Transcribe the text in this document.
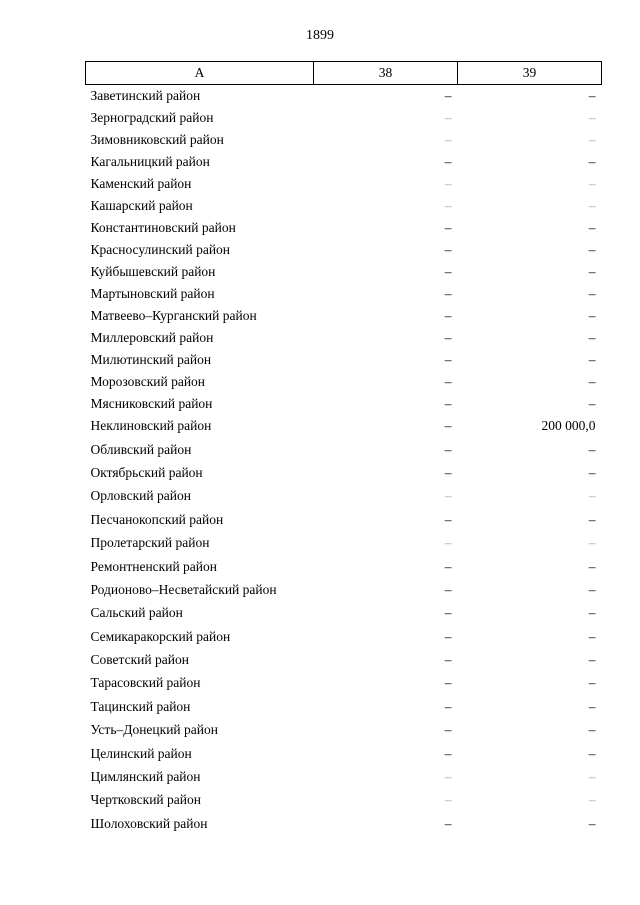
1899
А	38	39
Заветинский район	–	–
Зерноградский район	–	–
Зимовниковский район	–	–
Кагальницкий район	–	–
Каменский район	–	–
Кашарский район	–	–
Константиновский район	–	–
Красносулинский район	–	–
Куйбышевский район	–	–
Мартыновский район	–	–
Матвеево–Курганский район	–	–
Миллеровский район	–	–
Милютинский район	–	–
Морозовский район	–	–
Мясниковский район	–	–
Неклиновский район	–	200 000,0
Обливский район	–	–
Октябрьский район	–	–
Орловский район	–	–
Песчанокопский район	–	–
Пролетарский район	–	–
Ремонтненский район	–	–
Родионово–Несветайский район	–	–
Сальский район	–	–
Семикаракорский район	–	–
Советский район	–	–
Тарасовский район	–	–
Тацинский район	–	–
Усть–Донецкий район	–	–
Целинский район	–	–
Цимлянский район	–	–
Чертковский район	–	–
Шолоховский район	–	–
